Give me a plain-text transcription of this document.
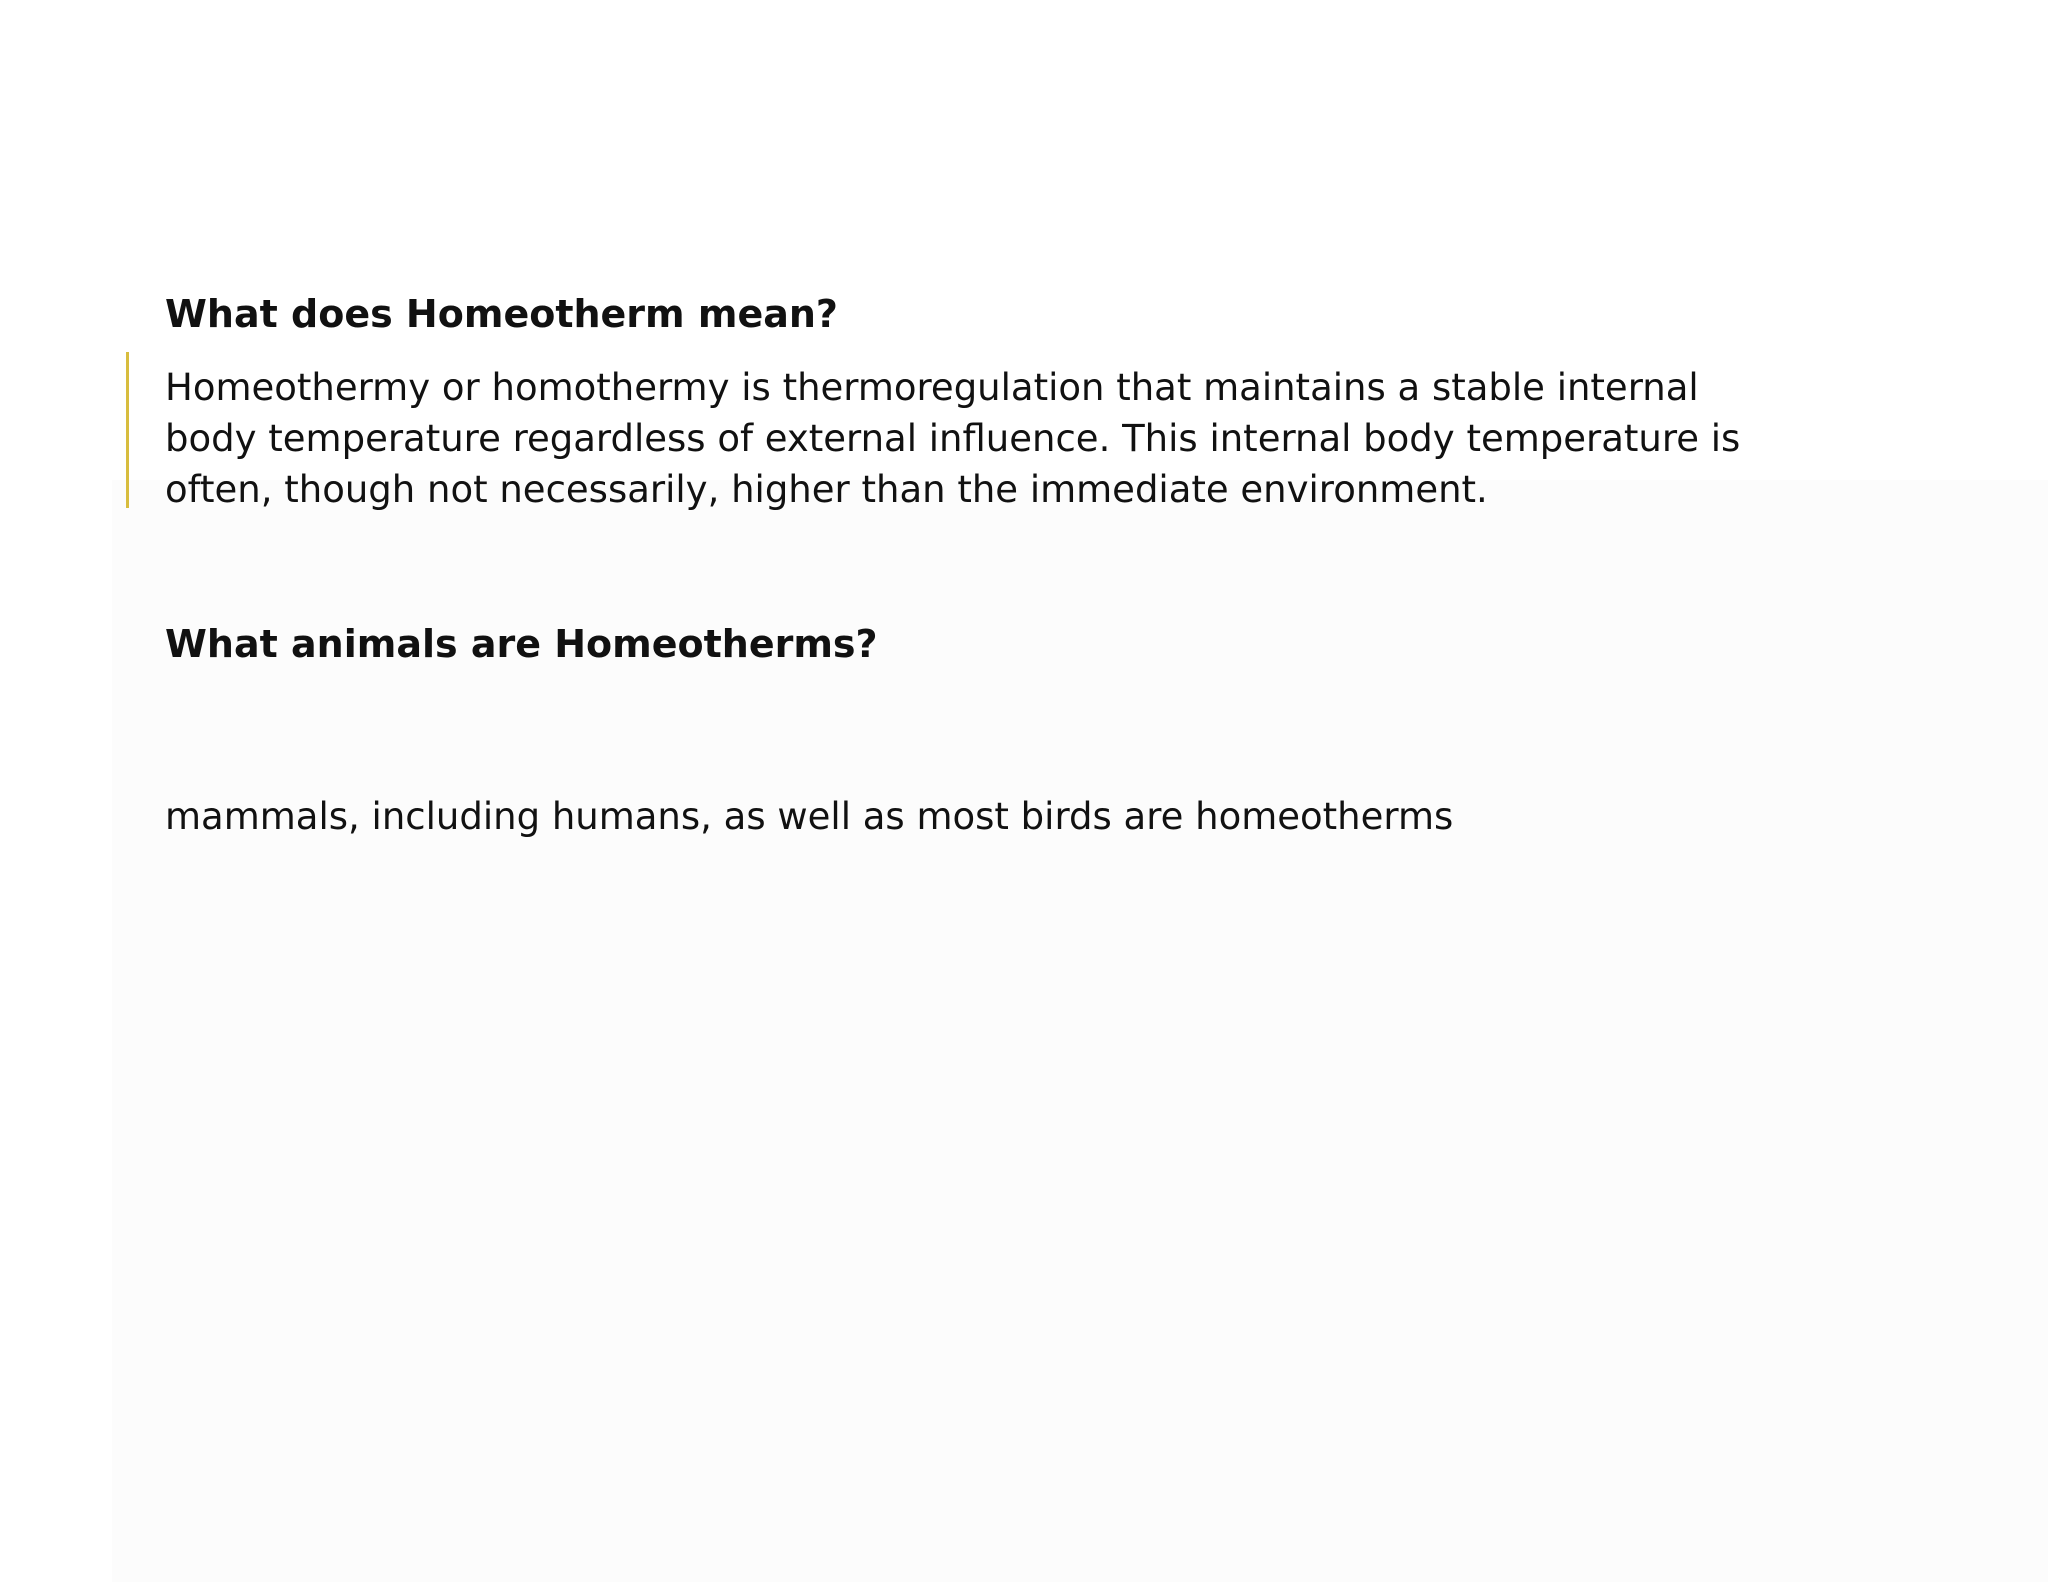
What does Homeotherm mean?

Homeothermy or homothermy is thermoregulation that maintains a stable internal
body temperature regardless of external influence. This internal body temperature is
often, though not necessarily, higher than the immediate environment.

What animals are Homeotherms?

mammals, including humans, as well as most birds are homeotherms
